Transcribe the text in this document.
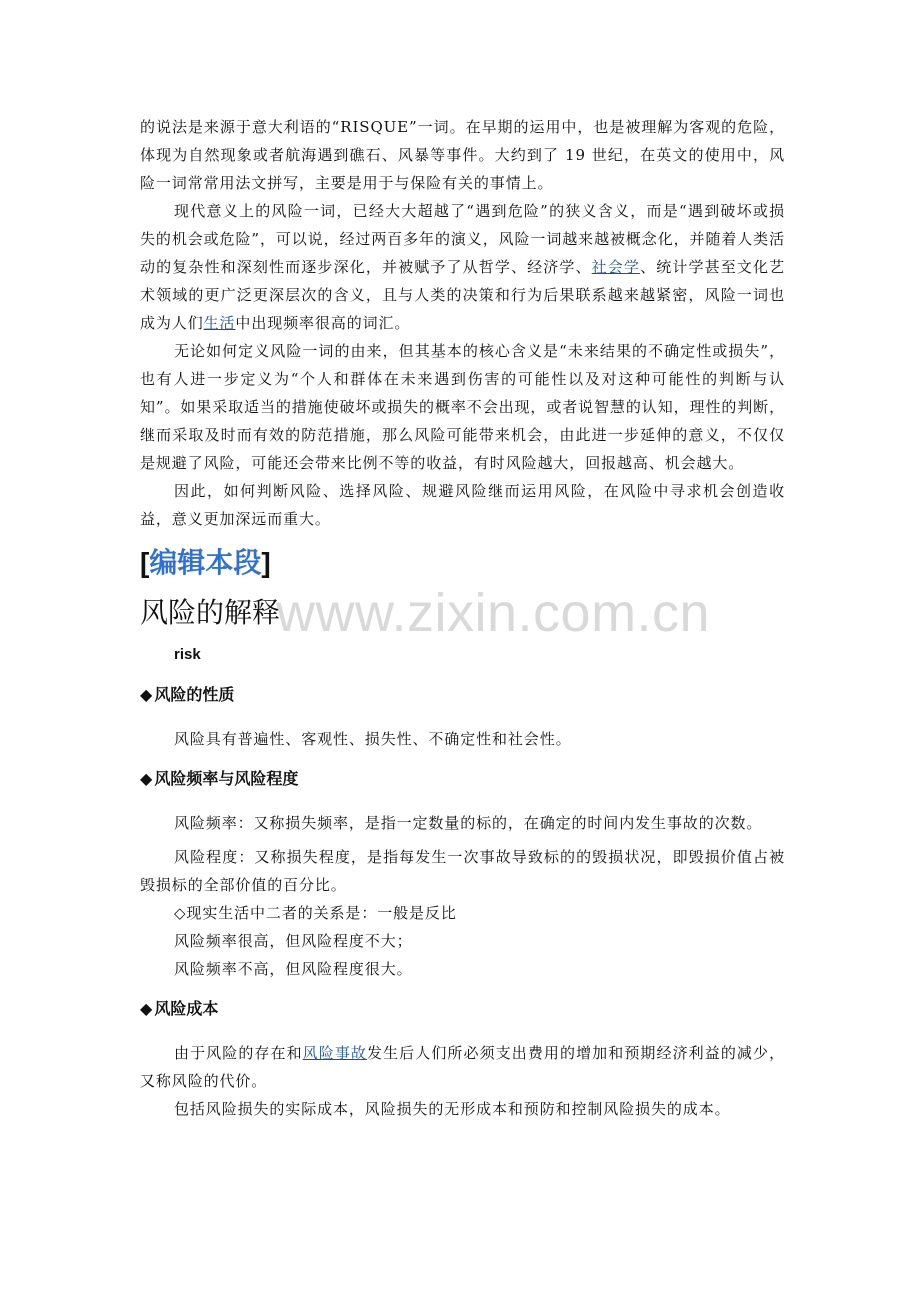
的说法是来源于意大利语的“RISQUE”一词。在早期的运用中，也是被理解为客观的危险，体现为自然现象或者航海遇到礁石、风暴等事件。大约到了 19 世纪，在英文的使用中，风险一词常常用法文拼写，主要是用于与保险有关的事情上。

现代意义上的风险一词，已经大大超越了“遇到危险”的狭义含义，而是“遇到破坏或损失的机会或危险”，可以说，经过两百多年的演义，风险一词越来越被概念化，并随着人类活动的复杂性和深刻性而逐步深化，并被赋予了从哲学、经济学、社会学、统计学甚至文化艺术领域的更广泛更深层次的含义，且与人类的决策和行为后果联系越来越紧密，风险一词也成为人们生活中出现频率很高的词汇。

无论如何定义风险一词的由来，但其基本的核心含义是“未来结果的不确定性或损失”，也有人进一步定义为“个人和群体在未来遇到伤害的可能性以及对这种可能性的判断与认知”。如果采取适当的措施使破坏或损失的概率不会出现，或者说智慧的认知，理性的判断，继而采取及时而有效的防范措施，那么风险可能带来机会，由此进一步延伸的意义，不仅仅是规避了风险，可能还会带来比例不等的收益，有时风险越大，回报越高、机会越大。

因此，如何判断风险、选择风险、规避风险继而运用风险，在风险中寻求机会创造收益，意义更加深远而重大。

[编辑本段]
风险的解释
www.zixin.com.cn
risk
◆ 风险的性质

风险具有普遍性、客观性、损失性、不确定性和社会性。

◆ 风险频率与风险程度

风险频率：又称损失频率，是指一定数量的标的，在确定的时间内发生事故的次数。

风险程度：又称损失程度，是指每发生一次事故导致标的的毁损状况，即毁损价值占被毁损标的全部价值的百分比。

◇现实生活中二者的关系是：一般是反比

风险频率很高，但风险程度不大；

风险频率不高，但风险程度很大。

◆ 风险成本

由于风险的存在和风险事故发生后人们所必须支出费用的增加和预期经济利益的减少，又称风险的代价。

包括风险损失的实际成本，风险损失的无形成本和预防和控制风险损失的成本。
